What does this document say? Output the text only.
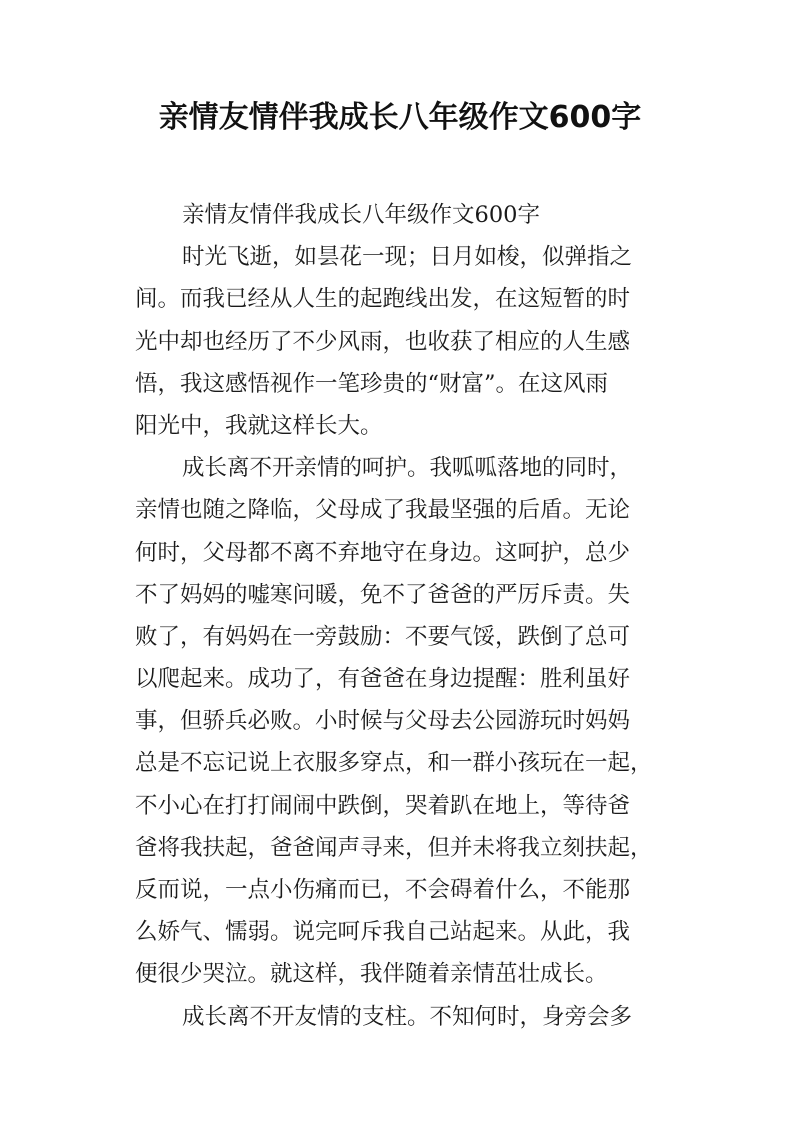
亲情友情伴我成长八年级作文600字
亲情友情伴我成长八年级作文600字
时光飞逝，如昙花一现；日月如梭，似弹指之
间。而我已经从人生的起跑线出发，在这短暂的时
光中却也经历了不少风雨，也收获了相应的人生感
悟，我这感悟视作一笔珍贵的“财富”。在这风雨
阳光中，我就这样长大。
成长离不开亲情的呵护。我呱呱落地的同时，
亲情也随之降临，父母成了我最坚强的后盾。无论
何时，父母都不离不弃地守在身边。这呵护，总少
不了妈妈的嘘寒问暖，免不了爸爸的严厉斥责。失
败了，有妈妈在一旁鼓励：不要气馁，跌倒了总可
以爬起来。成功了，有爸爸在身边提醒：胜利虽好
事，但骄兵必败。小时候与父母去公园游玩时妈妈
总是不忘记说上衣服多穿点，和一群小孩玩在一起，
不小心在打打闹闹中跌倒，哭着趴在地上，等待爸
爸将我扶起，爸爸闻声寻来，但并未将我立刻扶起，
反而说，一点小伤痛而已，不会碍着什么，不能那
么娇气、懦弱。说完呵斥我自己站起来。从此，我
便很少哭泣。就这样，我伴随着亲情茁壮成长。
成长离不开友情的支柱。不知何时，身旁会多
